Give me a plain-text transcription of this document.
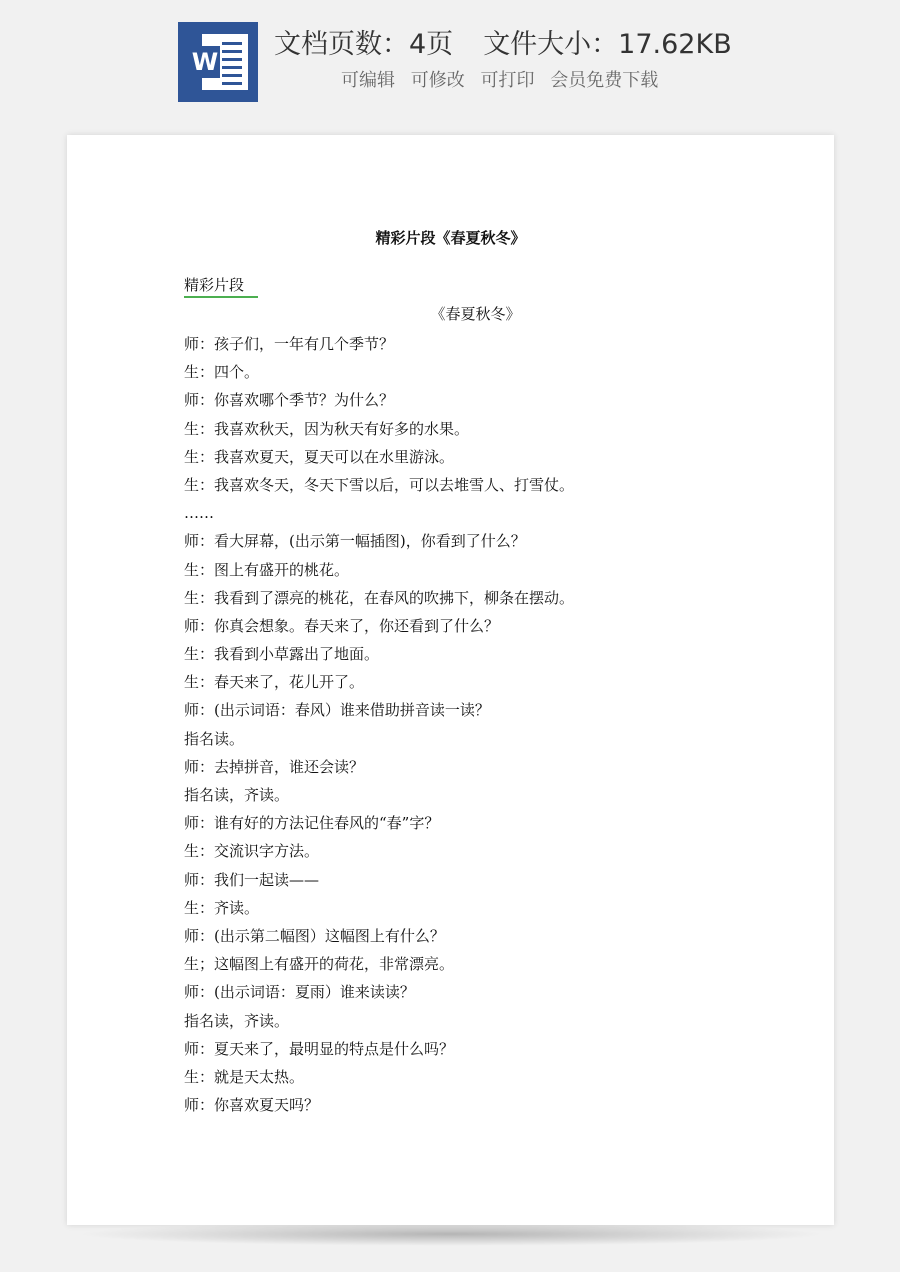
W
文档页数：4页 文件大小：17.62KB
可编辑 可修改 可打印 会员免费下载
精彩片段《春夏秋冬》
精彩片段
《春夏秋冬》
师：孩子们，一年有几个季节？
生：四个。
师：你喜欢哪个季节？为什么？
生：我喜欢秋天，因为秋天有好多的水果。
生：我喜欢夏天，夏天可以在水里游泳。
生：我喜欢冬天，冬天下雪以后，可以去堆雪人、打雪仗。
……
师：看大屏幕，(出示第一幅插图)，你看到了什么？
生：图上有盛开的桃花。
生：我看到了漂亮的桃花，在春风的吹拂下，柳条在摆动。
师：你真会想象。春天来了，你还看到了什么？
生：我看到小草露出了地面。
生：春天来了，花儿开了。
师：(出示词语：春风）谁来借助拼音读一读？
指名读。
师：去掉拼音，谁还会读？
指名读，齐读。
师：谁有好的方法记住春风的“春”字？
生：交流识字方法。
师：我们一起读——
生：齐读。
师：(出示第二幅图）这幅图上有什么？
生；这幅图上有盛开的荷花，非常漂亮。
师：(出示词语：夏雨）谁来读读？
指名读，齐读。
师：夏天来了，最明显的特点是什么吗？
生：就是天太热。
师：你喜欢夏天吗？
